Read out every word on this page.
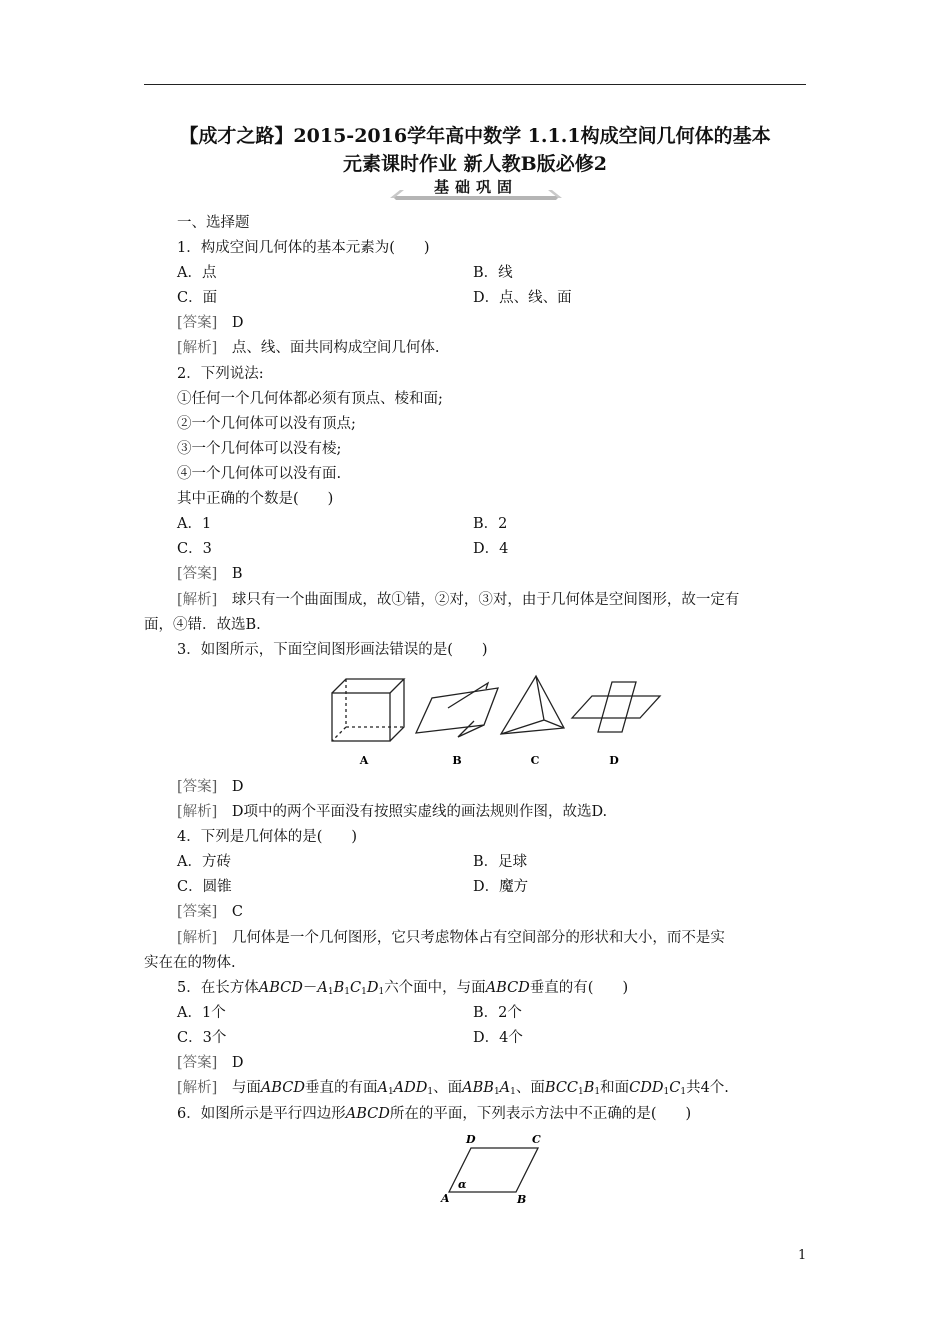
【成才之路】2015-2016学年高中数学 1.1.1构成空间几何体的基本
元素课时作业 新人教B版必修2
基础巩固
一、选择题
1．构成空间几何体的基本元素为(　　)
A．点	B．线
C．面	D．点、线、面
[答案]　 D
[解析]　 点、线、面共同构成空间几何体.
2．下列说法:
①任何一个几何体都必须有顶点、棱和面;
②一个几何体可以没有顶点;
③一个几何体可以没有棱;
④一个几何体可以没有面.
其中正确的个数是(　　)
A．1	B．2
C．3	D．4
[答案]　 B
[解析]　 球只有一个曲面围成，故①错，②对，③对，由于几何体是空间图形，故一定有
面，④错．故选B.
3．如图所示，下面空间图形画法错误的是(　　)
A	B	C	D
[答案]　 D
[解析]　 D项中的两个平面没有按照实虚线的画法规则作图，故选D.
4．下列是几何体的是(　　)
A．方砖	B．足球
C．圆锥	D．魔方
[答案]　 C
[解析]　 几何体是一个几何图形，它只考虑物体占有空间部分的形状和大小，而不是实
实在在的物体.
5．在长方体$ABCD-A_1B_1C_1D_1$六个面中，与面ABCD垂直的有(　　)
A．1个	B．2个
C．3个	D．4个
[答案]　 D
[解析]　 与面ABCD垂直的有面$A_1ADD_1$、面$ABB_1A_1$、面$BCC_1B_1$和面$CDD_1C_1$共4个.
6．如图所示是平行四边形ABCD所在的平面，下列表示方法中不正确的是(　　)
D	C
A	B
α
1
